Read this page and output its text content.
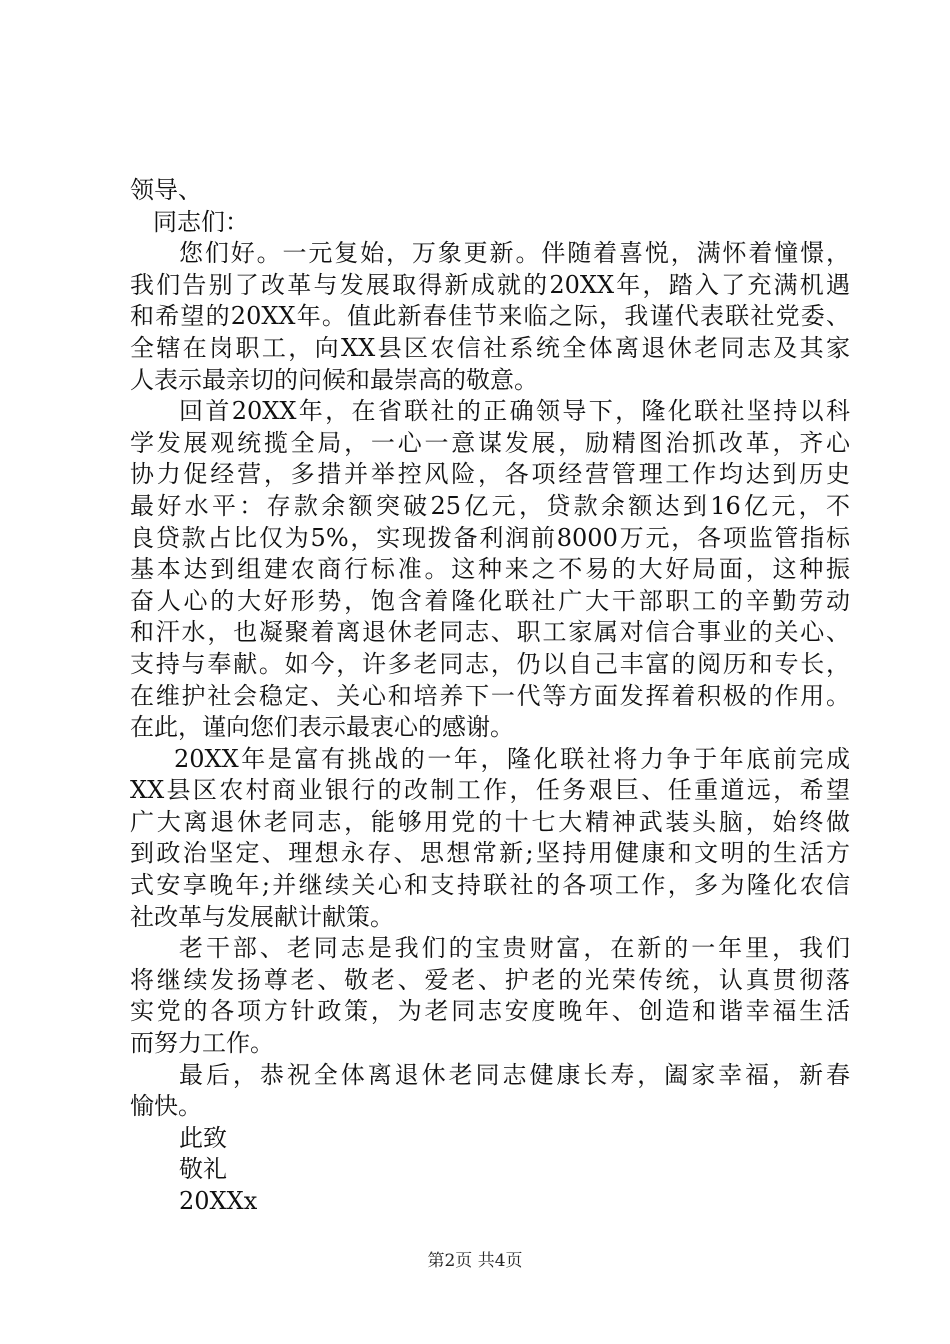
领导、
同志们：
您们好。一元复始，万象更新。伴随着喜悦，满怀着憧憬，
我们告别了改革与发展取得新成就的20XX年，踏入了充满机遇
和希望的20XX年。值此新春佳节来临之际，我谨代表联社党委、
全辖在岗职工，向XX县区农信社系统全体离退休老同志及其家
人表示最亲切的问候和最崇高的敬意。
回首20XX年，在省联社的正确领导下，隆化联社坚持以科
学发展观统揽全局，一心一意谋发展，励精图治抓改革，齐心
协力促经营，多措并举控风险，各项经营管理工作均达到历史
最好水平：存款余额突破25亿元，贷款余额达到16亿元，不
良贷款占比仅为5%，实现拨备利润前8000万元，各项监管指标
基本达到组建农商行标准。这种来之不易的大好局面，这种振
奋人心的大好形势，饱含着隆化联社广大干部职工的辛勤劳动
和汗水，也凝聚着离退休老同志、职工家属对信合事业的关心、
支持与奉献。如今，许多老同志，仍以自己丰富的阅历和专长，
在维护社会稳定、关心和培养下一代等方面发挥着积极的作用。
在此，谨向您们表示最衷心的感谢。
20XX年是富有挑战的一年，隆化联社将力争于年底前完成
XX县区农村商业银行的改制工作，任务艰巨、任重道远，希望
广大离退休老同志，能够用党的十七大精神武装头脑，始终做
到政治坚定、理想永存、思想常新;坚持用健康和文明的生活方
式安享晚年;并继续关心和支持联社的各项工作，多为隆化农信
社改革与发展献计献策。
老干部、老同志是我们的宝贵财富，在新的一年里，我们
将继续发扬尊老、敬老、爱老、护老的光荣传统，认真贯彻落
实党的各项方针政策，为老同志安度晚年、创造和谐幸福生活
而努力工作。
最后，恭祝全体离退休老同志健康长寿，阖家幸福，新春
愉快。
此致
敬礼
20XXx
第2页 共4页
